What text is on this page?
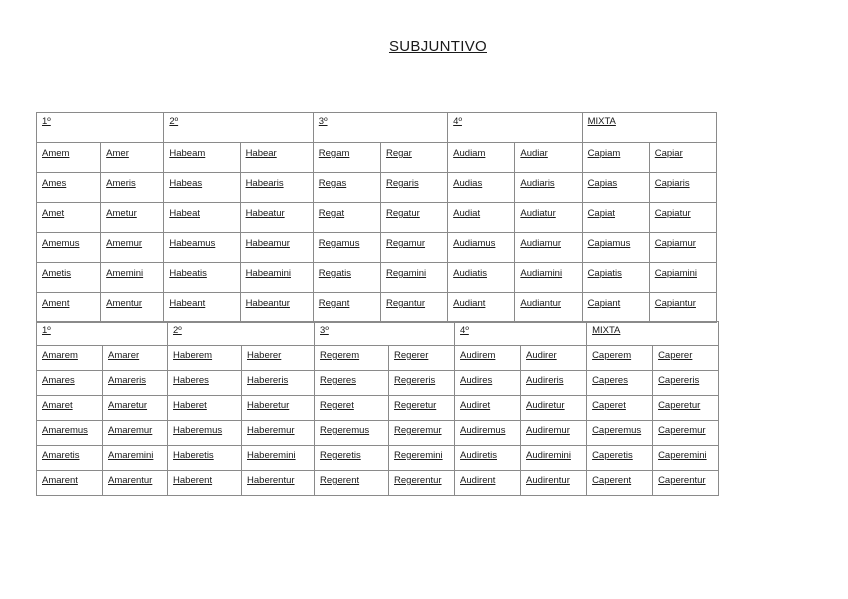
SUBJUNTIVO
1º		2º		3º		4º		MIXTA	
Amem	Amer	Habeam	Habear	Regam	Regar	Audiam	Audiar	Capiam	Capiar
Ames	Ameris	Habeas	Habearis	Regas	Regaris	Audias	Audiaris	Capias	Capiaris
Amet	Ametur	Habeat	Habeatur	Regat	Regatur	Audiat	Audiatur	Capiat	Capiatur
Amemus	Amemur	Habeamus	Habeamur	Regamus	Regamur	Audiamus	Audiamur	Capiamus	Capiamur
Ametis	Amemini	Habeatis	Habeamini	Regatis	Regamini	Audiatis	Audiamini	Capiatis	Capiamini
Ament	Amentur	Habeant	Habeantur	Regant	Regantur	Audiant	Audiantur	Capiant	Capiantur
1º		2º		3º		4º		MIXTA	
Amarem	Amarer	Haberem	Haberer	Regerem	Regerer	Audirem	Audirer	Caperem	Caperer
Amares	Amareris	Haberes	Habereris	Regeres	Regereris	Audires	Audireris	Caperes	Capereris
Amaret	Amaretur	Haberet	Haberetur	Regeret	Regeretur	Audiret	Audiretur	Caperet	Caperetur
Amaremus	Amaremur	Haberemus	Haberemur	Regeremus	Regeremur	Audiremus	Audiremur	Caperemus	Caperemur
Amaretis	Amaremini	Haberetis	Haberemini	Regeretis	Regeremini	Audiretis	Audiremini	Caperetis	Caperemini
Amarent	Amarentur	Haberent	Haberentur	Regerent	Regerentur	Audirent	Audirentur	Caperent	Caperentur
